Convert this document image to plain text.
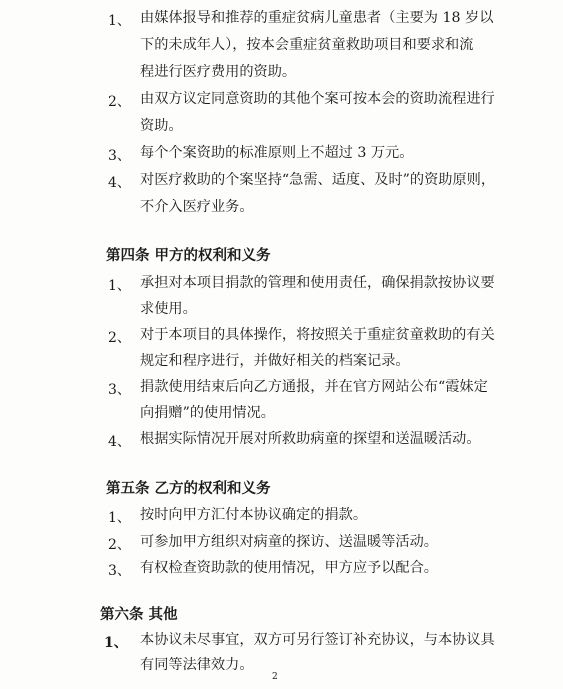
1、 由媒体报导和推荐的重症贫病儿童患者（主要为 18 岁以
下的未成年人），按本会重症贫童救助项目和要求和流
程进行医疗费用的资助。
2、 由双方议定同意资助的其他个案可按本会的资助流程进行
资助。
3、 每个个案资助的标准原则上不超过 3 万元。
4、 对医疗救助的个案坚持“急需、适度、及时”的资助原则，
不介入医疗业务。
第四条 甲方的权利和义务
1、 承担对本项目捐款的管理和使用责任，确保捐款按协议要
求使用。
2、 对于本项目的具体操作，将按照关于重症贫童救助的有关
规定和程序进行，并做好相关的档案记录。
3、 捐款使用结束后向乙方通报，并在官方网站公布“霞妹定
向捐赠”的使用情况。
4、 根据实际情况开展对所救助病童的探望和送温暖活动。
第五条 乙方的权利和义务
1、 按时向甲方汇付本协议确定的捐款。
2、 可参加甲方组织对病童的探访、送温暖等活动。
3、 有权检查资助款的使用情况，甲方应予以配合。
第六条 其他
1、 本协议未尽事宜，双方可另行签订补充协议，与本协议具
有同等法律效力。
2
